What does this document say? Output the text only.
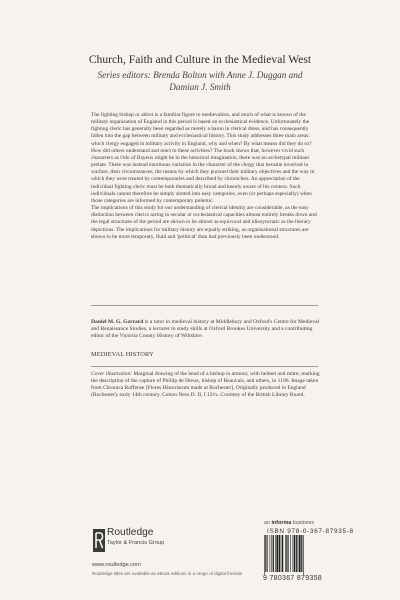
Church, Faith and Culture in the Medieval West
Series editors: Brenda Bolton with Anne J. Duggan and
Damian J. Smith

The fighting bishop or abbot is a familiar figure to medievalists, and much of what is known of the military organisation of England in this period is based on ecclesiastical evidence. Unfortunately the fighting cleric has generally been regarded as merely a baron in clerical dress, and has consequently fallen into the gap between military and ecclesiastical history. This study addresses three main areas: which clergy engaged in military activity in England, why and when? By what means did they do so? How did others understand and react to these activities? The book shows that, however vivid such characters as Odo of Bayeux might be in the historical imagination, there was no archetypal militant prelate. There was instead enormous variation in the character of the clergy that became involved in warfare, their circumstances, the means by which they pursued their military objectives and the way in which they were treated by contemporaries and described by chroniclers. An appreciation of the individual fighting cleric must be both thematically broad and keenly aware of his context. Such individuals cannot therefore be simply slotted into easy categories, even (or perhaps especially) when those categories are informed by contemporary polemic.

The implications of this study for our understanding of clerical identity are considerable, as the easy distinction between clerics acting in secular or ecclesiastical capacities almost entirely breaks down and the legal structures of the period are shown to be almost as equivocal and idiosyncratic as the literary depictions. The implications for military history are equally striking, as organisational structures are shown to be more temporary, fluid and 'political' than had previously been understood.

Daniel M. G. Gerrard is a tutor in medieval history at Middlebury and Oxford's Centre for Medieval and Renaissance Studies, a lecturer in study skills at Oxford Brookes University and a contributing editor of the Victoria County History of Wiltshire.
MEDIEVAL HISTORY
Cover illustration: Marginal drawing of the head of a bishop in armour, with helmet and mitre; marking the description of the capture of Phillip de Dreux, bishop of Beauvais, and others, in 1196. Image taken from Chronica Roffense [Flores Historiarum made at Rochester]. Originally produced in England (Rochester); early 14th century. Cotton Nero D. II, f.121v. Courtesy of the British Library Board.
an informa business
Routledge
Taylor & Francis Group
www.routledge.com
Routledge titles are available as eBook editions in a range of digital formats
ISBN 978-0-367-87935-8
9 780367 879358
